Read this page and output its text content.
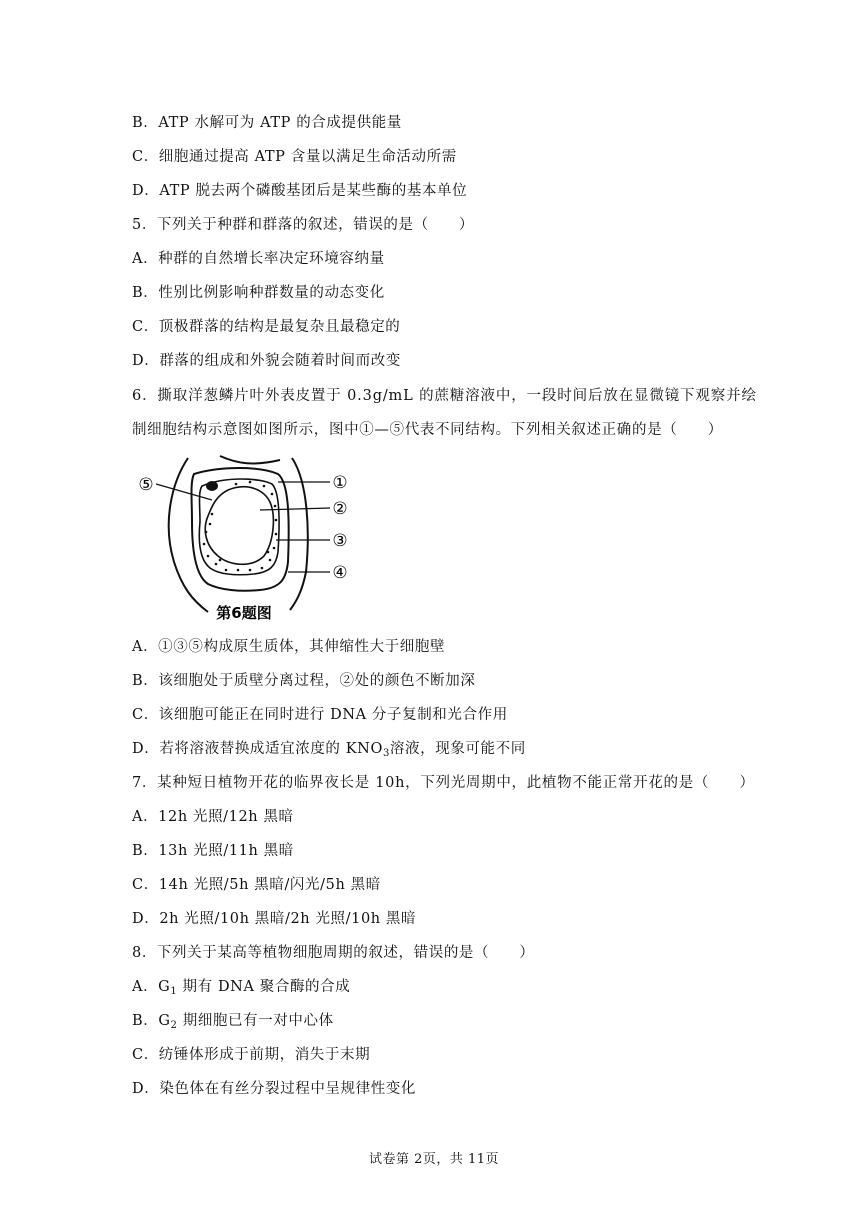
B．ATP 水解可为 ATP 的合成提供能量
C．细胞通过提高 ATP 含量以满足生命活动所需
D．ATP 脱去两个磷酸基团后是某些酶的基本单位
5．下列关于种群和群落的叙述，错误的是（　　）
A．种群的自然增长率决定环境容纳量
B．性别比例影响种群数量的动态变化
C．顶极群落的结构是最复杂且最稳定的
D．群落的组成和外貌会随着时间而改变
6．撕取洋葱鳞片叶外表皮置于 0.3g/mL 的蔗糖溶液中，一段时间后放在显微镜下观察并绘
制细胞结构示意图如图所示，图中①—⑤代表不同结构。下列相关叙述正确的是（　　）
①
②
③
④
⑤
第6题图
A．①③⑤构成原生质体，其伸缩性大于细胞壁
B．该细胞处于质壁分离过程，②处的颜色不断加深
C．该细胞可能正在同时进行 DNA 分子复制和光合作用
D．若将溶液替换成适宜浓度的 $KNO_3$溶液，现象可能不同
7．某种短日植物开花的临界夜长是 10h，下列光周期中，此植物不能正常开花的是（　　）
A．12h 光照/12h 黑暗
B．13h 光照/11h 黑暗
C．14h 光照/5h 黑暗/闪光/5h 黑暗
D．2h 光照/10h 黑暗/2h 光照/10h 黑暗
8．下列关于某高等植物细胞周期的叙述，错误的是（　　）
A．$G_1$ 期有 DNA 聚合酶的合成
B．$G_2$ 期细胞已有一对中心体
C．纺锤体形成于前期，消失于末期
D．染色体在有丝分裂过程中呈规律性变化
试卷第 2页，共 11页
